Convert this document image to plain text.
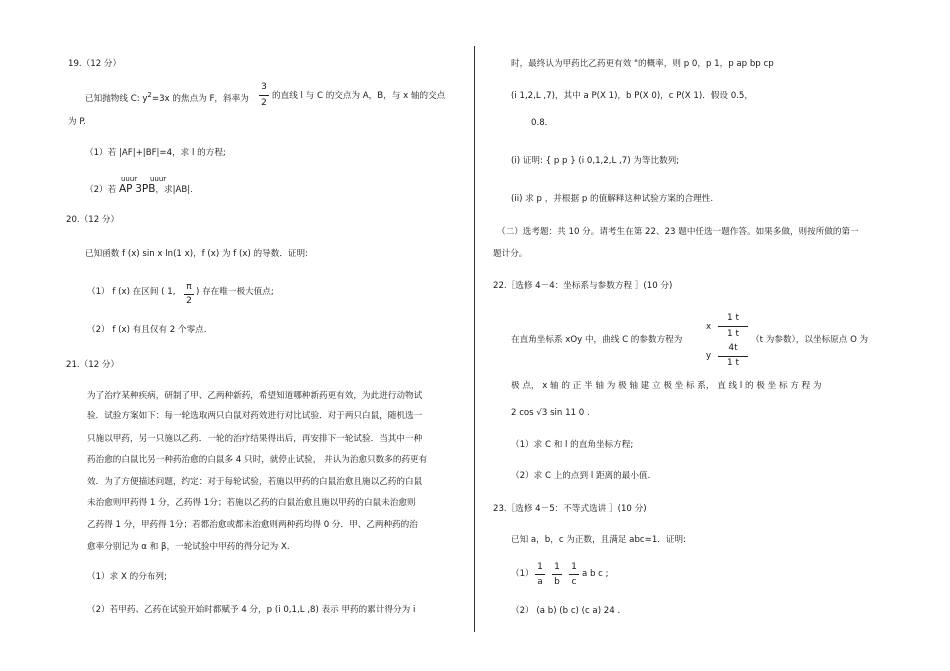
19.（12 分）
已知抛物线 C: $y^2=3x$ 的焦点为 F，斜率为
3
2
的直线 l 与 C 的交点为 A，B，与 x 轴的交点
为 P.
（1）若 |AF|+|BF|=4，求 l 的方程;
uuur uuur
（2）若 AP 3PB，求|AB|.
20.（12 分）
已知函数 f (x) sin x ln(1 x)，f (x) 为 f (x) 的导数．证明:
（1） f (x) 在区间 ( 1, π
2
) 存在唯一极大值点;
（2） f (x) 有且仅有 2 个零点.
21.（12 分）
为了治疗某种疾病，研制了甲、乙两种新药，希望知道哪种新药更有效，为此进行动物试
验．试验方案如下：每一轮选取两只白鼠对药效进行对比试验．对于两只白鼠，随机选一
只施以甲药，另一只施以乙药．一轮的治疗结果得出后，再安排下一轮试验．当其中一种
药治愈的白鼠比另一种药治愈的白鼠多 4 只时，就停止试验， 并认为治愈只数多的药更有
效．为了方便描述问题，约定：对于每轮试验，若施以甲药的白鼠治愈且施以乙药的白鼠
未治愈则甲药得 1 分，乙药得 1分；若施以乙药的白鼠治愈且施以甲药的白鼠未治愈则
乙药得 1 分，甲药得 1分；若都治愈或都未治愈则两种药均得 0 分．甲、乙两种药的治
愈率分别记为 α 和 β，一轮试验中甲药的得分记为 X.
（1）求 X 的分布列;
（2）若甲药、乙药在试验开始时都赋予 4 分，p (i 0,1,L ,8) 表示 甲药的累计得分为 i
时，最终认为甲药比乙药更有效 "的概率，则 p 0，p 1，p ap bp cp
(i 1,2,L ,7)，其中 a P(X 1)，b P(X 0)，c P(X 1)．假设 0.5，
0.8．
(i) 证明: { p p } (i 0,1,2,L ,7) 为等比数列;
(ii) 求 p ，并根据 p 的值解释这种试验方案的合理性.
（二）选考题：共 10 分。请考生在第 22、23 题中任选一题作答。如果多做，则按所做的第一
题计分。
22.［选修 4－4：坐标系与参数方程 ］(10 分)
在直角坐标系 xOy 中，曲线 C 的参数方程为
x
1 t
1 t
y
4t
1 t
（t 为参数），以坐标原点 O 为
极 点， x 轴 的 正 半 轴 为 极 轴 建 立 极 坐 标 系， 直 线 l 的 极 坐 标 方 程 为
2 cos √3 sin 11 0 .
（1）求 C 和 l 的直角坐标方程;
（2）求 C 上的点到 l 距离的最小值.
23.［选修 4－5：不等式选讲 ］(10 分)
已知 a，b，c 为正数，且满足 abc=1．证明:
（1）
1
a
1
b
1
c
a b c ;
（2） (a b) (b c) (c a) 24 .
